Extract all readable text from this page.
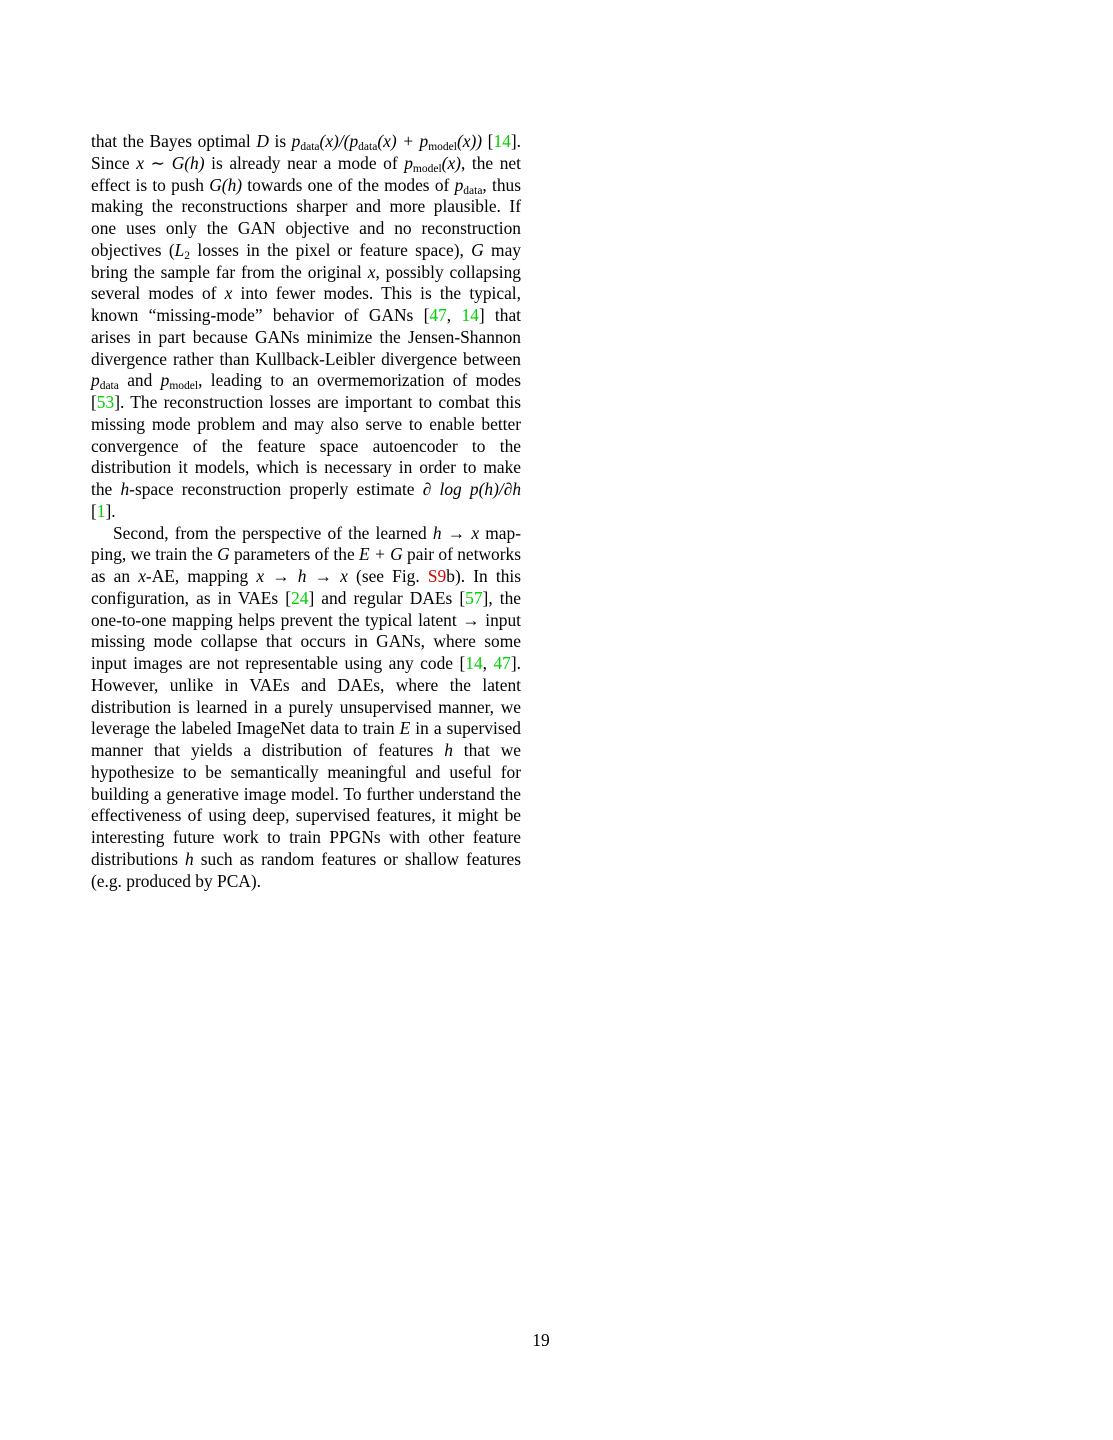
that the Bayes optimal D is $p_{data}(x)/(p_{data}(x) + p_{model}(x))$ [14]. Since x ∼ G(h) is already near a mode of $p_{model}(x)$, the net effect is to push G(h) towards one of the modes of $p_{data}$, thus making the reconstructions sharper and more plausible. If one uses only the GAN objective and no reconstruction objectives ($L_2$ losses in the pixel or feature space), G may bring the sample far from the original x, possibly collapsing several modes of x into fewer modes. This is the typical, known “missing-mode” behavior of GANs [47, 14] that arises in part because GANs minimize the Jensen-Shannon divergence rather than Kullback-Leibler divergence between $p_{data}$ and $p_{model}$, leading to an overmemorization of modes [53]. The reconstruction losses are important to combat this missing mode problem and may also serve to enable better convergence of the feature space autoencoder to the distribution it models, which is necessary in order to make the h-space reconstruction properly estimate ∂ log p(h)/∂h [1].

Second, from the perspective of the learned h → x mapping, we train the G parameters of the E + G pair of networks as an x-AE, mapping x → h → x (see Fig. S9b). In this configuration, as in VAEs [24] and regular DAEs [57], the one-to-one mapping helps prevent the typical latent → input missing mode collapse that occurs in GANs, where some input images are not representable using any code [14, 47]. However, unlike in VAEs and DAEs, where the latent distribution is learned in a purely unsupervised manner, we leverage the labeled ImageNet data to train E in a supervised manner that yields a distribution of features h that we hypothesize to be semantically meaningful and useful for building a generative image model. To further understand the effectiveness of using deep, supervised features, it might be interesting future work to train PPGNs with other feature distributions h such as random features or shallow features (e.g. produced by PCA).

19
